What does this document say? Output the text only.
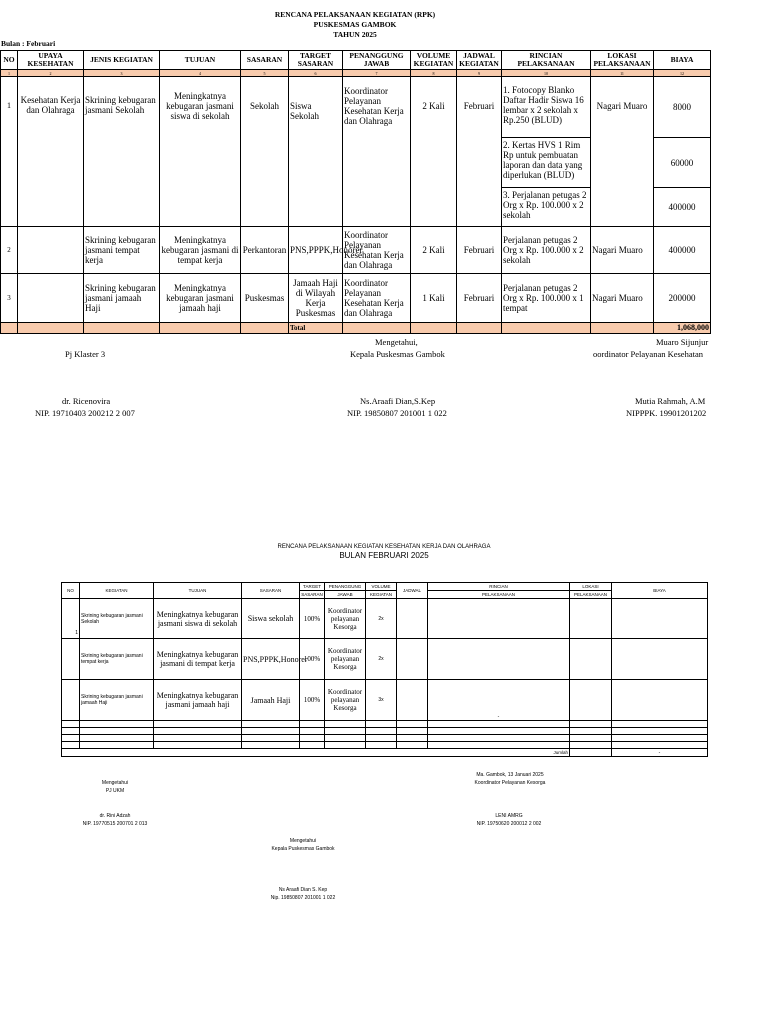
RENCANA PELAKSANAAN KEGIATAN (RPK)
PUSKESMAS GAMBOK
TAHUN 2025
Bulan : Februari
NO	UPAYA KESEHATAN	JENIS KEGIATAN	TUJUAN	SASARAN	TARGET SASARAN	PENANGGUNG JAWAB	VOLUME KEGIATAN	JADWAL KEGIATAN	RINCIAN PELAKSANAAN	LOKASI PELAKSANAAN	BIAYA
1	2	3	4	5	6	7	8	9	10	11	12
1	Kesehatan Kerja dan Olahraga	Skrining kebugaran jasmani Sekolah	Meningkatnya kebugaran jasmani siswa di sekolah	Sekolah	Siswa Sekolah	Koordinator Pelayanan Kesehatan Kerja dan Olahraga	2 Kali	Februari	1. Fotocopy Blanko Daftar Hadir Siswa 16 lembar x 2 sekolah x Rp.250 (BLUD)	Nagari Muaro	8000
									2. Kertas HVS 1 Rim Rp untuk pembuatan laporan dan data yang diperlukan (BLUD)		60000
									3. Perjalanan petugas 2 Org x Rp. 100.000 x 2 sekolah		400000
2		Skrining kebugaran jasmani tempat kerja	Meningkatnya kebugaran jasmani di tempat kerja	Perkantoran	PNS,PPPK,Honorer	Koordinator Pelayanan Kesehatan Kerja dan Olahraga	2 Kali	Februari	Perjalanan petugas 2 Org x Rp. 100.000 x 2 sekolah	Nagari Muaro	400000
3		Skrining kebugaran jasmani jamaah Haji	Meningkatnya kebugaran jasmani jamaah haji	Puskesmas	Jamaah Haji di Wilayah Kerja Puskesmas	Koordinator Pelayanan Kesehatan Kerja dan Olahraga	1 Kali	Februari	Perjalanan petugas 2 Org x Rp. 100.000 x 1 tempat	Nagari Muaro	200000
					Total						1,068,000
Pj Klaster 3
dr. Ricenovira
NIP. 19710403 200212 2 007
Mengetahui,
Kepala Puskesmas Gambok
Ns.Araafi Dian,S.Kep
NIP. 19850807 201001 1 022
Muaro Sijunjur
oordinator Pelayanan Kesehatan
Mutia Rahmah, A.M
NIPPPK. 19901201202
RENCANA PELAKSANAAN KEGIATAN KESEHATAN KERJA DAN OLAHRAGA
BULAN FEBRUARI 2025
NO	KEGIATAN	TUJUAN	SASARAN	TARGET	PENANGGUNG	VOLUME	JADWAL	RINCIAN	LOKASI	BIAYA
				SASARAN	JAWAB	KEGIATAN		PELAKSANAAN	PELAKSANAAN	
1	Skrining kebugaran jasmani Sekolah	Meningkatnya kebugaran jasmani siswa di sekolah	Siswa sekolah	100%	Koordinator pelayanan Kesorga	2x				
	Skrining kebugaran jasmani tempat kerja	Meningkatnya kebugaran jasmani di tempat kerja	PNS,PPPK,Honorer	100%	Koordinator pelayanan Kesorga	2x				
	Skrining kebugaran jasmani jamaah Haji	Meningkatnya kebugaran jasmani jamaah haji	Jamaah Haji	100%	Koordinator pelayanan Kesorga	3x		-		

Jumlah										-
Mengetahui
PJ UKM
dr. Rini Adzah
NIP. 19770515 200701 2 013
Ma. Gambok, 13 Januari 2025
Koordinator Pelayanan Kesorga
LENI AMRG
NIP. 19750620 200012 2 002
Mengetahui
Kepala Puskesmas Gambok
Ns Araafi Dian S. Kep
Nip. 19850807 201001 1 022
